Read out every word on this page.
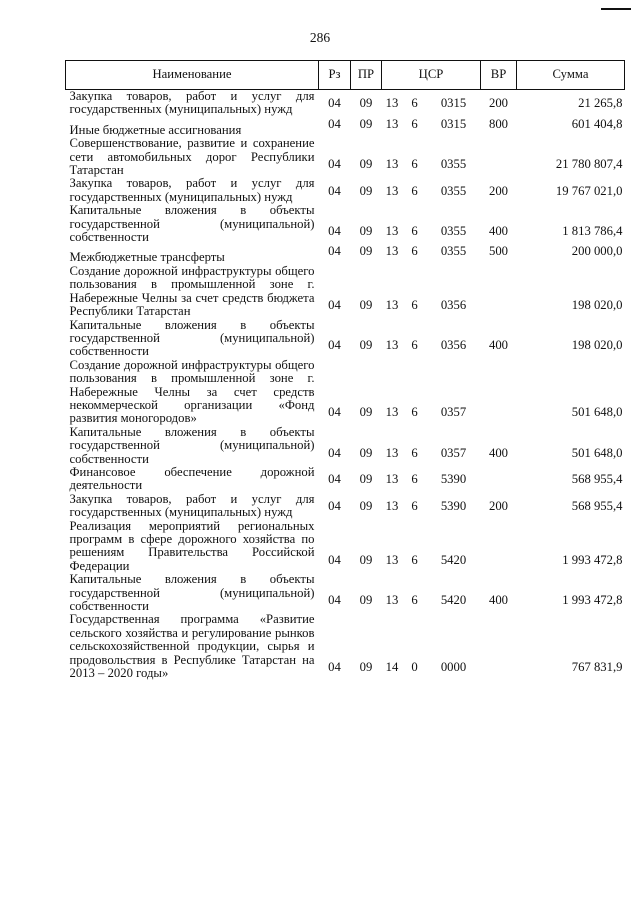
286
Наименование	Рз	ПР	ЦСР			ВР	Сумма
Закупка товаров, работ и услуг для государственных (муниципальных) нужд	04	09	13	6	0315	200	21 265,8
Иные бюджетные ассигнования	04	09	13	6	0315	800	601 404,8
Совершенствование, развитие и сохранение сети автомобильных дорог Республики Татарстан	04	09	13	6	0355		21 780 807,4
Закупка товаров, работ и услуг для государственных (муниципальных) нужд	04	09	13	6	0355	200	19 767 021,0
Капитальные вложения в объекты государственной (муниципальной) собственности	04	09	13	6	0355	400	1 813 786,4
Межбюджетные трансферты	04	09	13	6	0355	500	200 000,0
Создание дорожной инфраструктуры общего пользования в промышленной зоне г. Набережные Челны за счет средств бюджета Республики Татарстан	04	09	13	6	0356		198 020,0
Капитальные вложения в объекты государственной (муниципальной) собственности	04	09	13	6	0356	400	198 020,0
Создание дорожной инфраструктуры общего пользования в промышленной зоне г. Набережные Челны за счет средств некоммерческой организации «Фонд развития моногородов»	04	09	13	6	0357		501 648,0
Капитальные вложения в объекты государственной (муниципальной) собственности	04	09	13	6	0357	400	501 648,0
Финансовое обеспечение дорожной деятельности	04	09	13	6	5390		568 955,4
Закупка товаров, работ и услуг для государственных (муниципальных) нужд	04	09	13	6	5390	200	568 955,4
Реализация мероприятий региональных программ в сфере дорожного хозяйства по решениям Правительства Российской Федерации	04	09	13	6	5420		1 993 472,8
Капитальные вложения в объекты государственной (муниципальной) собственности	04	09	13	6	5420	400	1 993 472,8
Государственная программа «Развитие сельского хозяйства и регулирование рынков сельскохозяйственной продукции, сырья и продовольствия в Республике Татарстан на 2013 – 2020 годы»	04	09	14	0	0000		767 831,9
